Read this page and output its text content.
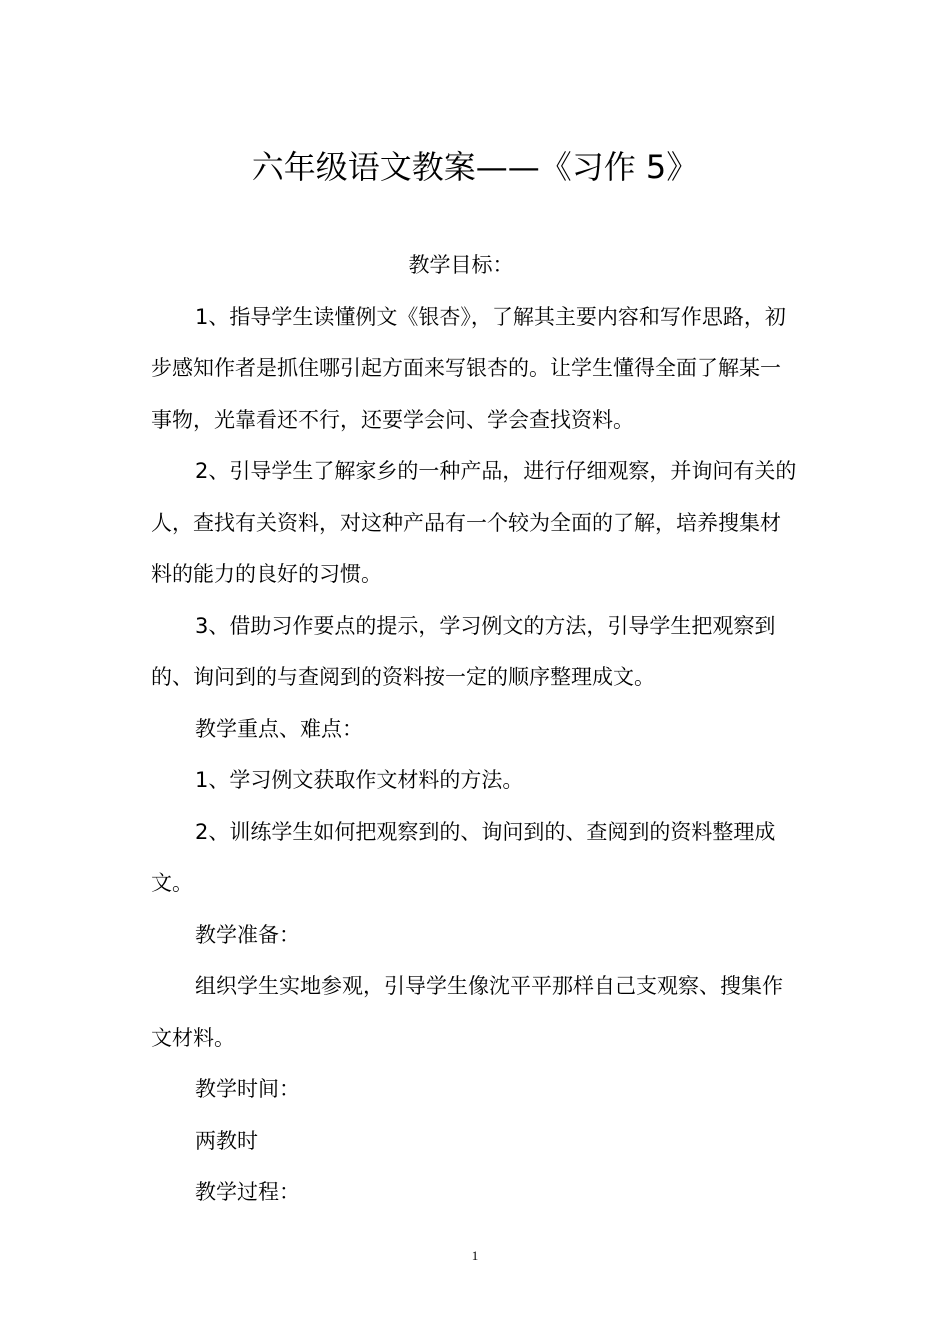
六年级语文教案——《习作 5》

教学目标：

1、指导学生读懂例文《银杏》，了解其主要内容和写作思路，初步感知作者是抓住哪引起方面来写银杏的。让学生懂得全面了解某一事物，光靠看还不行，还要学会问、学会查找资料。

2、引导学生了解家乡的一种产品，进行仔细观察，并询问有关的人，查找有关资料，对这种产品有一个较为全面的了解，培养搜集材料的能力的良好的习惯。

3、借助习作要点的提示，学习例文的方法，引导学生把观察到的、询问到的与查阅到的资料按一定的顺序整理成文。

教学重点、难点：

1、学习例文获取作文材料的方法。

2、训练学生如何把观察到的、询问到的、查阅到的资料整理成文。

教学准备：

组织学生实地参观，引导学生像沈平平那样自己支观察、搜集作文材料。

教学时间：

两教时

教学过程：

1
